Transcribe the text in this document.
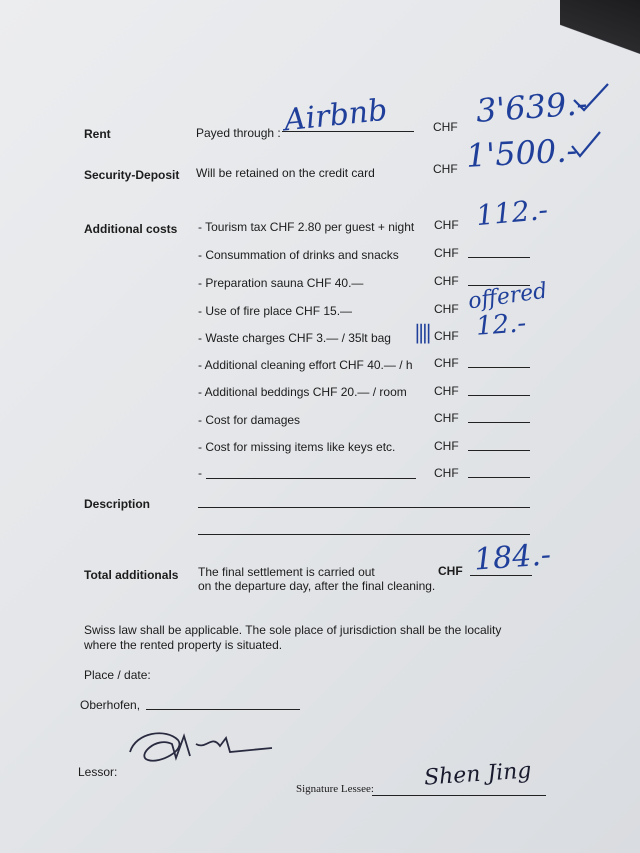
Rent	Payed through : Airbnb	CHF 3'639.-
Security-Deposit Will be retained on the credit card	CHF 1'500.-
Additional costs - Tourism tax CHF 2.80 per guest + night CHF 112.-
- Consummation of drinks and snacks	CHF
- Preparation sauna CHF 40.—	CHF
- Use of fire place CHF 15.—	CHF offered
- Waste charges CHF 3.— / 35lt bag |||| CHF 12.-
- Additional cleaning effort CHF 40.— / h CHF
- Additional beddings CHF 20.— / room CHF
- Cost for damages	CHF
- Cost for missing items like keys etc.	CHF
-	CHF
Description
Total additionals The final settlement is carried out
on the departure day, after the final cleaning.
CHF 184.-
Swiss law shall be applicable. The sole place of jurisdiction shall be the locality
where the rented property is situated.
Place / date:
Oberhofen,
Lessor:
Signature Lessee: Shen Jing
